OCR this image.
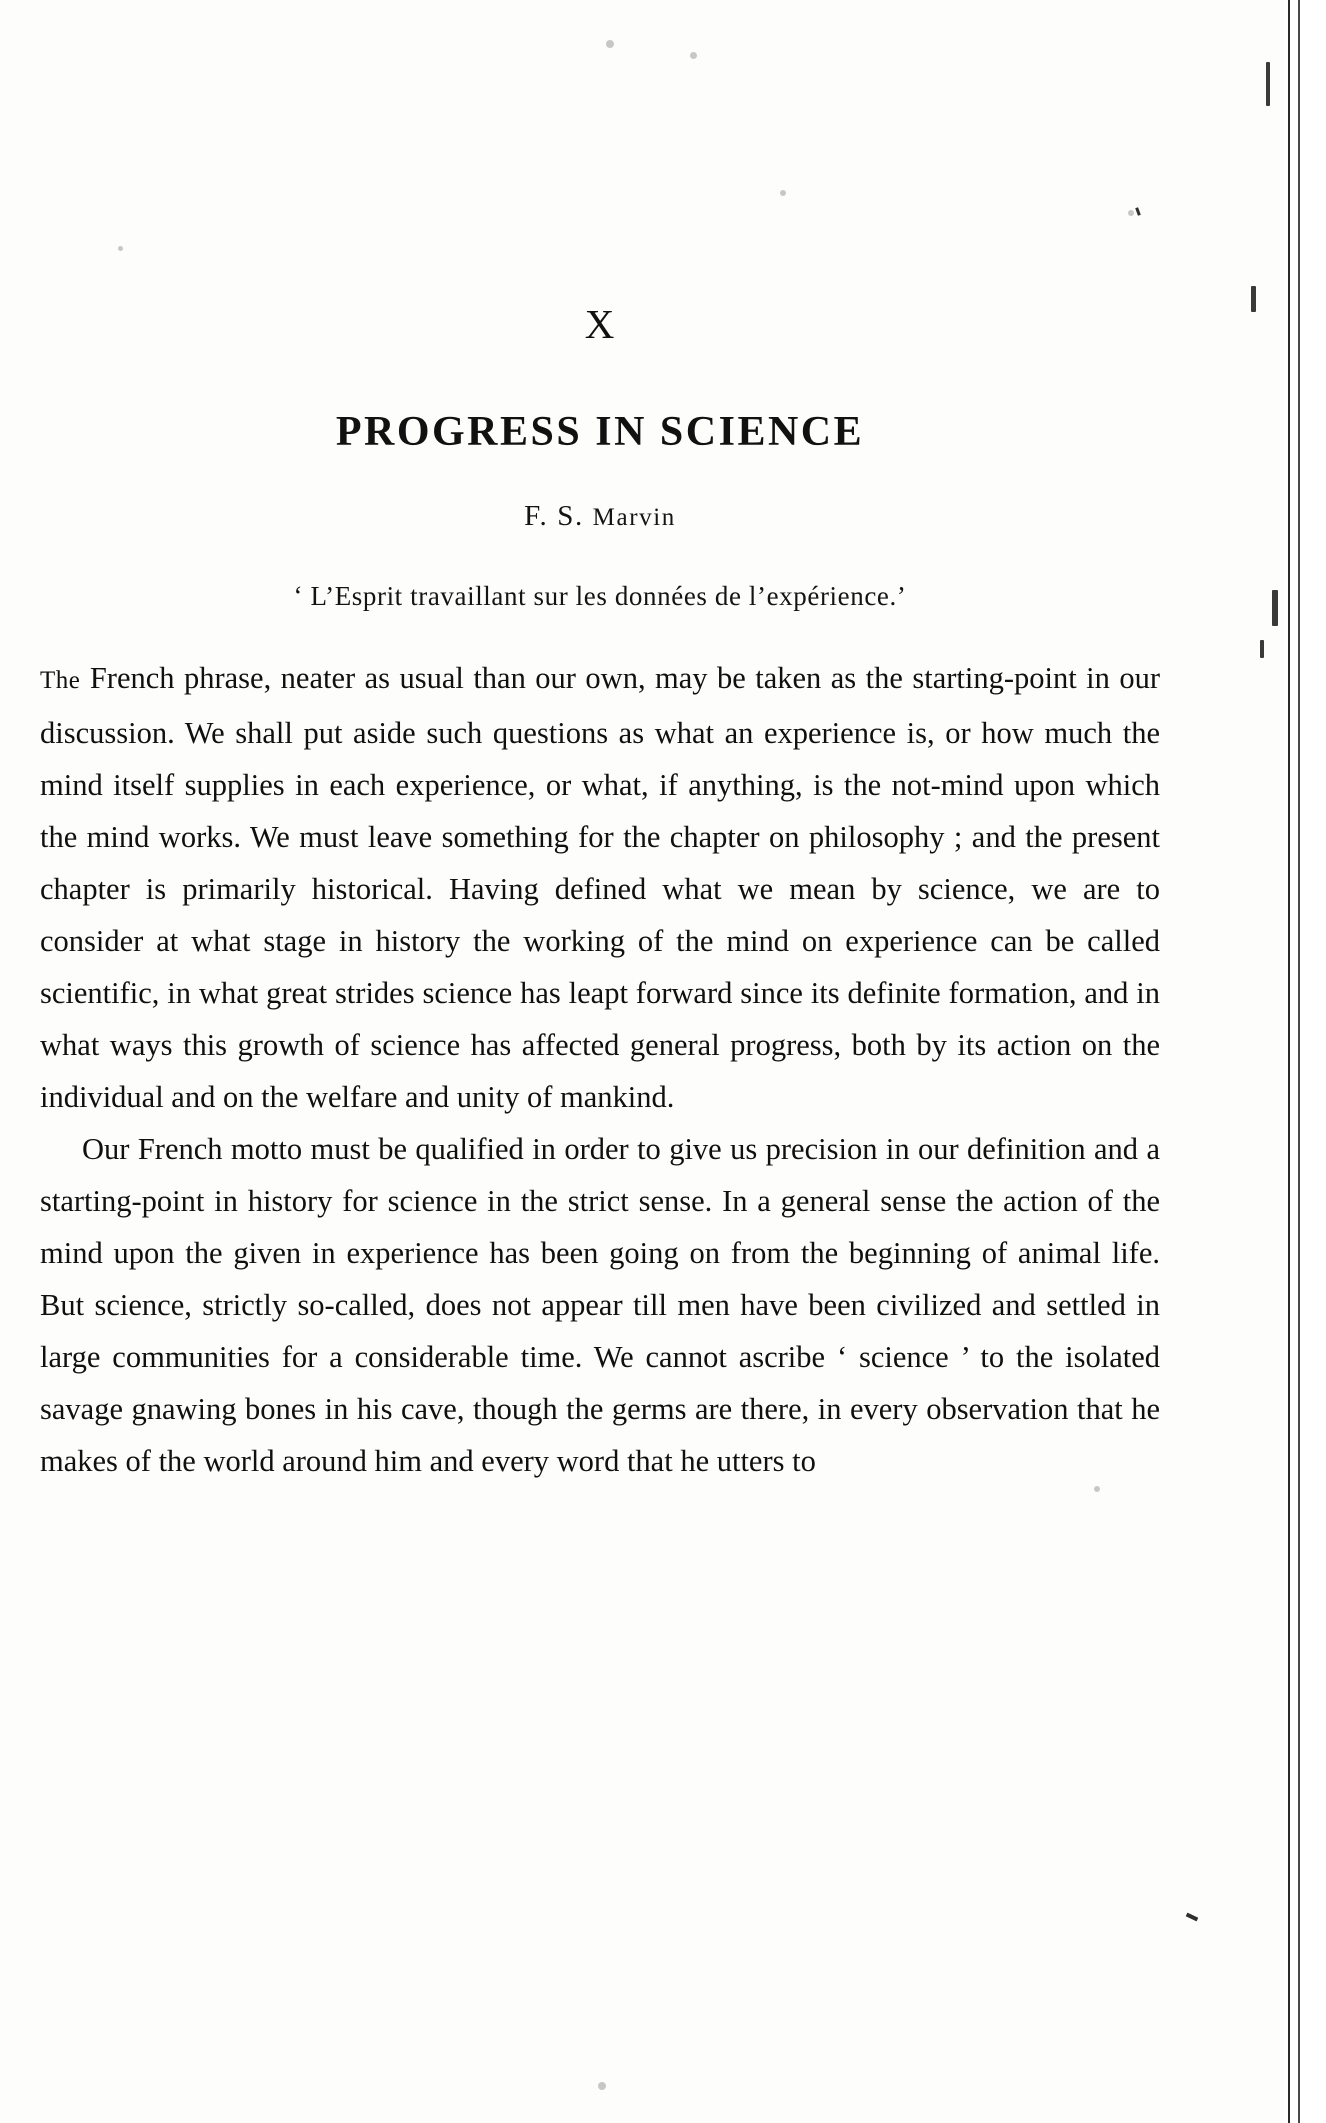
X
PROGRESS IN SCIENCE
F. S. Marvin
‘ L’Esprit travaillant sur les données de l’expérience.’

The French phrase, neater as usual than our own, may be taken as the starting-point in our discussion. We shall put aside such questions as what an experience is, or how much the mind itself supplies in each experience, or what, if anything, is the not-mind upon which the mind works. We must leave something for the chapter on philosophy ; and the present chapter is primarily historical. Having defined what we mean by science, we are to consider at what stage in history the working of the mind on experience can be called scientific, in what great strides science has leapt forward since its definite formation, and in what ways this growth of science has affected general progress, both by its action on the individual and on the welfare and unity of mankind.

Our French motto must be qualified in order to give us precision in our definition and a starting-point in history for science in the strict sense. In a general sense the action of the mind upon the given in experience has been going on from the beginning of animal life. But science, strictly so-called, does not appear till men have been civilized and settled in large communities for a considerable time. We cannot ascribe ‘ science ’ to the isolated savage gnawing bones in his cave, though the germs are there, in every observation that he makes of the world around him and every word that he utters to
